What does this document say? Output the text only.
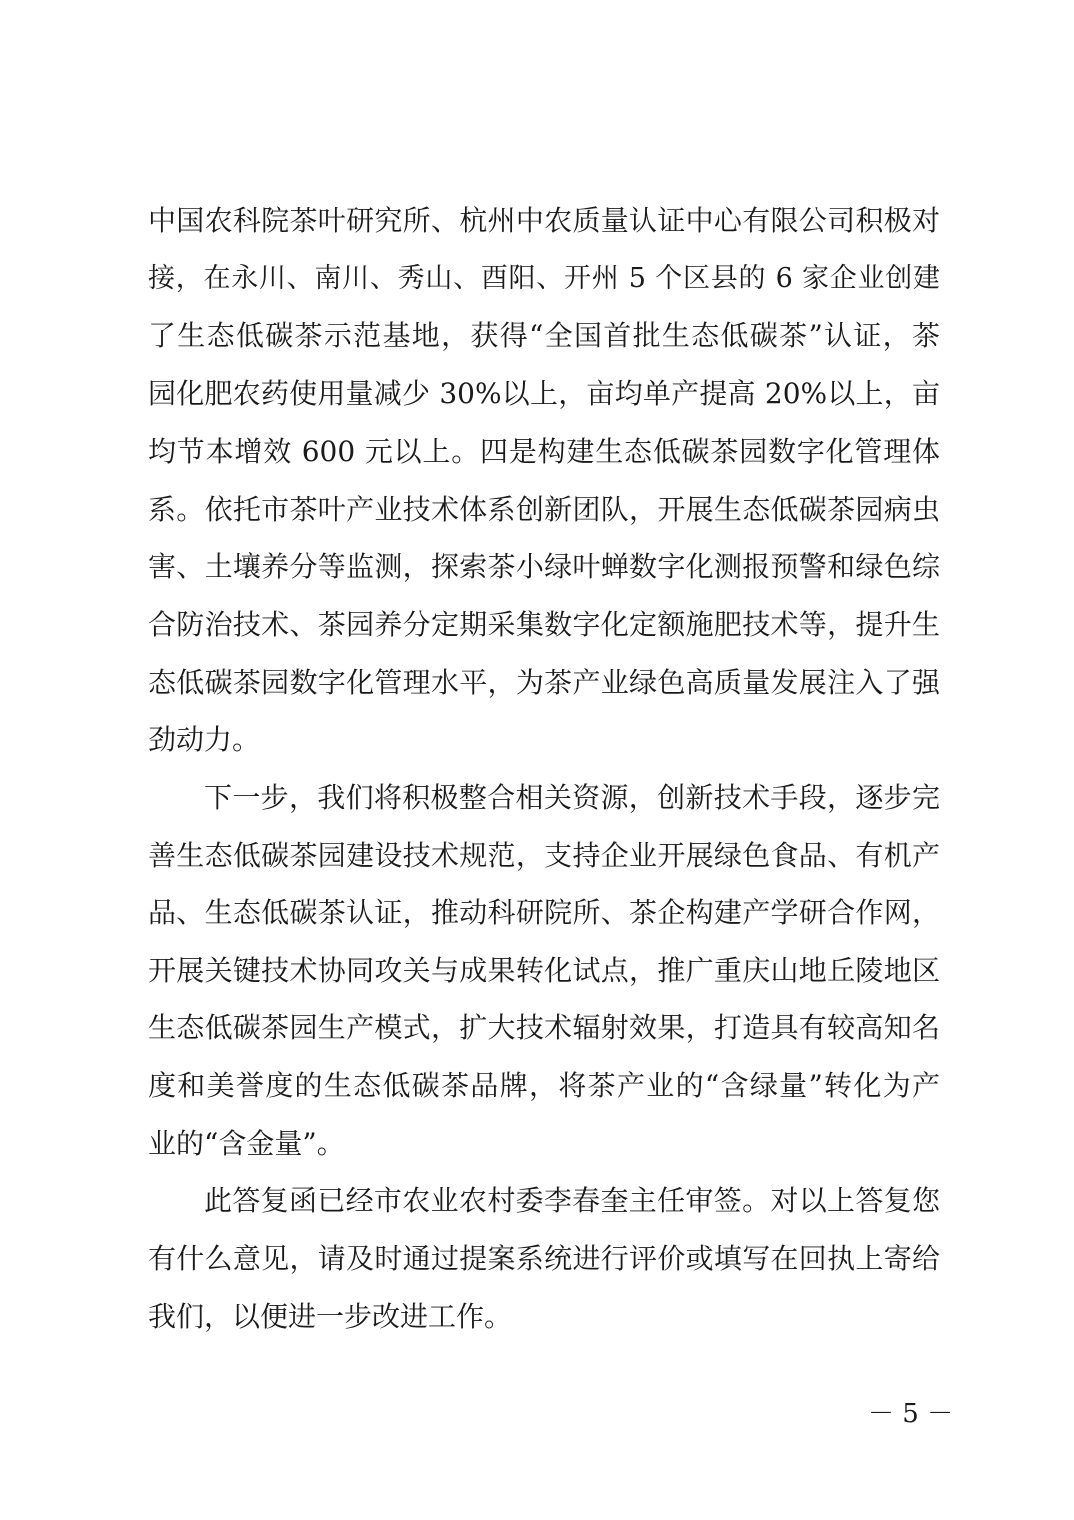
中国农科院茶叶研究所、杭州中农质量认证中心有限公司积极对
接，在永川、南川、秀山、酉阳、开州 5 个区县的 6 家企业创建
了生态低碳茶示范基地，获得“全国首批生态低碳茶”认证，茶
园化肥农药使用量减少 30%以上，亩均单产提高 20%以上，亩
均节本增效 600 元以上。四是构建生态低碳茶园数字化管理体
系。依托市茶叶产业技术体系创新团队，开展生态低碳茶园病虫
害、土壤养分等监测，探索茶小绿叶蝉数字化测报预警和绿色综
合防治技术、茶园养分定期采集数字化定额施肥技术等，提升生
态低碳茶园数字化管理水平，为茶产业绿色高质量发展注入了强
劲动力。
下一步，我们将积极整合相关资源，创新技术手段，逐步完
善生态低碳茶园建设技术规范，支持企业开展绿色食品、有机产
品、生态低碳茶认证，推动科研院所、茶企构建产学研合作网，
开展关键技术协同攻关与成果转化试点，推广重庆山地丘陵地区
生态低碳茶园生产模式，扩大技术辐射效果，打造具有较高知名
度和美誉度的生态低碳茶品牌，将茶产业的“含绿量”转化为产
业的“含金量”。
此答复函已经市农业农村委李春奎主任审签。对以上答复您
有什么意见，请及时通过提案系统进行评价或填写在回执上寄给
我们，以便进一步改进工作。
－ 5 －
